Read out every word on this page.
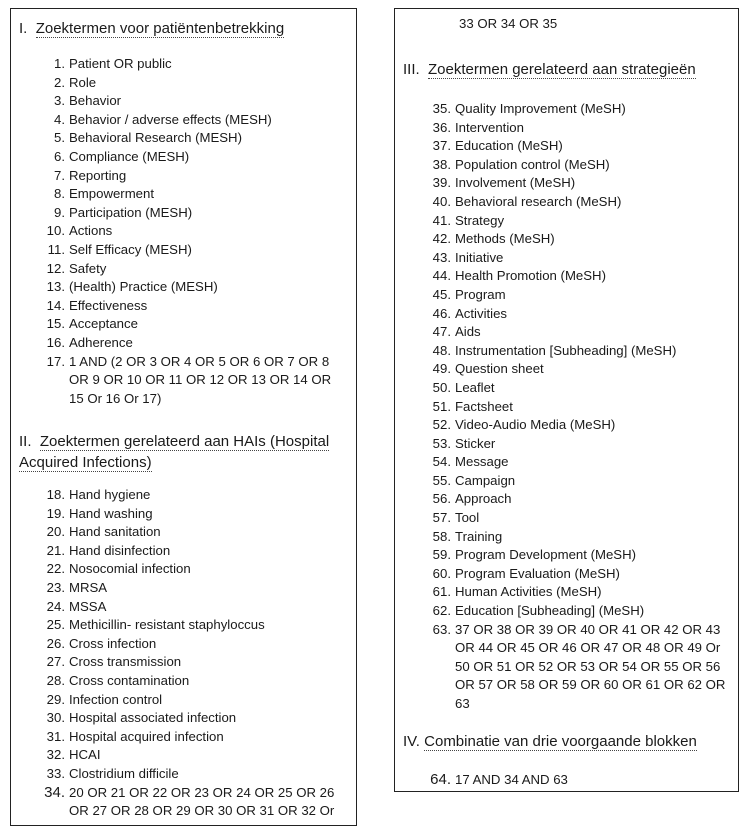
I. Zoektermen voor patiëntenbetrekking
1. Patient OR public
2. Role
3. Behavior
4. Behavior / adverse effects (MESH)
5. Behavioral Research (MESH)
6. Compliance (MESH)
7. Reporting
8. Empowerment
9. Participation (MESH)
10. Actions
11. Self Efficacy (MESH)
12. Safety
13. (Health) Practice (MESH)
14. Effectiveness
15. Acceptance
16. Adherence
17. 1 AND (2 OR 3 OR 4 OR 5 OR 6 OR 7 OR 8 OR 9 OR 10 OR 11 OR 12 OR 13 OR 14 OR 15 Or 16 Or 17)
II. Zoektermen gerelateerd aan HAIs (Hospital
Acquired Infections)
18. Hand hygiene
19. Hand washing
20. Hand sanitation
21. Hand disinfection
22. Nosocomial infection
23. MRSA
24. MSSA
25. Methicillin- resistant staphyloccus
26. Cross infection
27. Cross transmission
28. Cross contamination
29. Infection control
30. Hospital associated infection
31. Hospital acquired infection
32. HCAI
33. Clostridium difficile
34. 20 OR 21 OR 22 OR 23 OR 24 OR 25 OR 26 OR 27 OR 28 OR 29 OR 30 OR 31 OR 32 Or
33 OR 34 OR 35
III. Zoektermen gerelateerd aan strategieën
35. Quality Improvement (MeSH)
36. Intervention
37. Education (MeSH)
38. Population control (MeSH)
39. Involvement (MeSH)
40. Behavioral research (MeSH)
41. Strategy
42. Methods (MeSH)
43. Initiative
44. Health Promotion (MeSH)
45. Program
46. Activities
47. Aids
48. Instrumentation [Subheading] (MeSH)
49. Question sheet
50. Leaflet
51. Factsheet
52. Video-Audio Media (MeSH)
53. Sticker
54. Message
55. Campaign
56. Approach
57. Tool
58. Training
59. Program Development (MeSH)
60. Program Evaluation (MeSH)
61. Human Activities (MeSH)
62. Education [Subheading] (MeSH)
63. 37 OR 38 OR 39 OR 40 OR 41 OR 42 OR 43 OR 44 OR 45 OR 46 OR 47 OR 48 OR 49 Or 50 OR 51 OR 52 OR 53 OR 54 OR 55 OR 56 OR 57 OR 58 OR 59 OR 60 OR 61 OR 62 OR 63
IV. Combinatie van drie voorgaande blokken
64. 17 AND 34 AND 63
